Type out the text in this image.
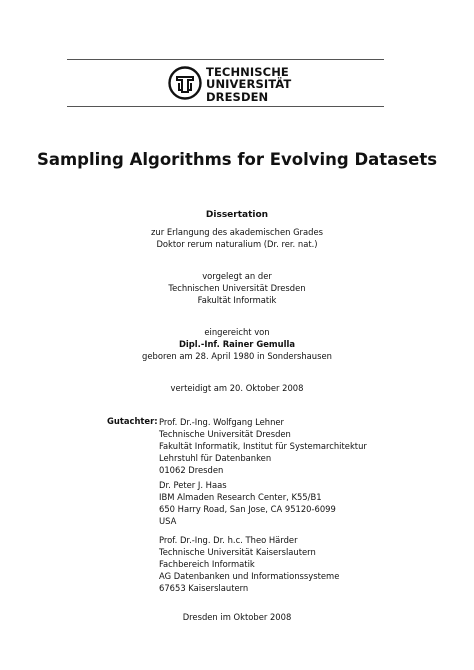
TECHNISCHE
UNIVERSITÄT
DRESDEN
Sampling Algorithms for Evolving Datasets
Dissertation
zur Erlangung des akademischen Grades
Doktor rerum naturalium (Dr. rer. nat.)
vorgelegt an der
Technischen Universität Dresden
Fakultät Informatik
eingereicht von
Dipl.-Inf. Rainer Gemulla
geboren am 28. April 1980 in Sondershausen
verteidigt am 20. Oktober 2008
Gutachter: Prof. Dr.-Ing. Wolfgang Lehner
Technische Universität Dresden
Fakultät Informatik, Institut für Systemarchitektur
Lehrstuhl für Datenbanken
01062 Dresden
Dr. Peter J. Haas
IBM Almaden Research Center, K55/B1
650 Harry Road, San Jose, CA 95120-6099
USA
Prof. Dr.-Ing. Dr. h.c. Theo Härder
Technische Universität Kaiserslautern
Fachbereich Informatik
AG Datenbanken und Informationssysteme
67653 Kaiserslautern
Dresden im Oktober 2008
